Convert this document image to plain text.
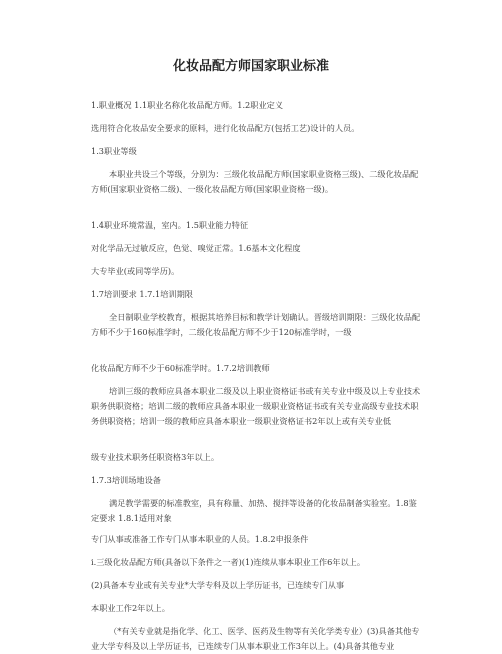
化妆品配方师国家职业标准
1.职业概况 1.1职业名称化妆品配方师。1.2职业定义
选用符合化妆品安全要求的原料，进行化妆品配方(包括工艺)设计的人员。
1.3职业等级
本职业共设三个等级，分别为：三级化妆品配方师(国家职业资格三级)、二级化妆品配方师(国家职业资格二级)、一级化妆品配方师(国家职业资格一级)。
1.4职业环境常温，室内。1.5职业能力特征
对化学品无过敏反应，色觉、嗅觉正常。1.6基本文化程度
大专毕业(或同等学历)。
1.7培训要求 1.7.1培训期限
全日制职业学校教育，根据其培养目标和教学计划确认。晋级培训期限：三级化妆品配方师不少于160标准学时，二级化妆品配方师不少于120标准学时，一级
化妆品配方师不少于60标准学时。1.7.2培训教师
培训三级的教师应具备本职业二级及以上职业资格证书或有关专业中级及以上专业技术职务供职资格；培训二级的教师应具备本职业一级职业资格证书或有关专业高级专业技术职务供职资格；培训一级的教师应具备本职业一级职业资格证书2年以上或有关专业低
级专业技术职务任职资格3年以上。
1.7.3培训场地设备
满足教学需要的标准教室，具有称量、加热、搅拌等设备的化妆品制备实验室。1.8鉴定要求 1.8.1适用对象
专门从事或准备工作专门从事本职业的人员。1.8.2申报条件
ⅰ.三级化妆品配方师(具备以下条件之一者)(1)连续从事本职业工作6年以上。
(2)具备本专业或有关专业*大学专科及以上学历证书，已连续专门从事
本职业工作2年以上。
（*有关专业就是指化学、化工、医学、医药及生物等有关化学类专业）(3)具备其他专业大学专科及以上学历证书，已连续专门从事本职业工作3年以上。(4)具备其他专业
